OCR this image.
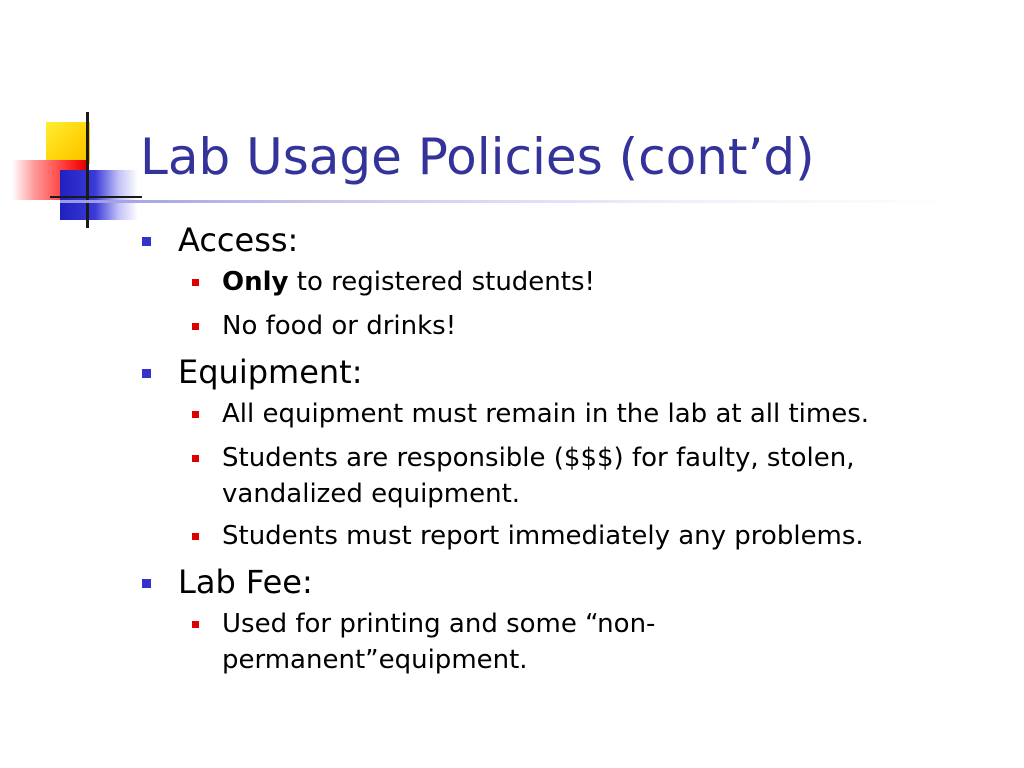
Lab Usage Policies (cont’d)
Access:
Only to registered students!
No food or drinks!
Equipment:
All equipment must remain in the lab at all times.
Students are responsible ($$$) for faulty, stolen, vandalized equipment.
Students must report immediately any problems.
Lab Fee:
Used for printing and some “non-permanent”equipment.
